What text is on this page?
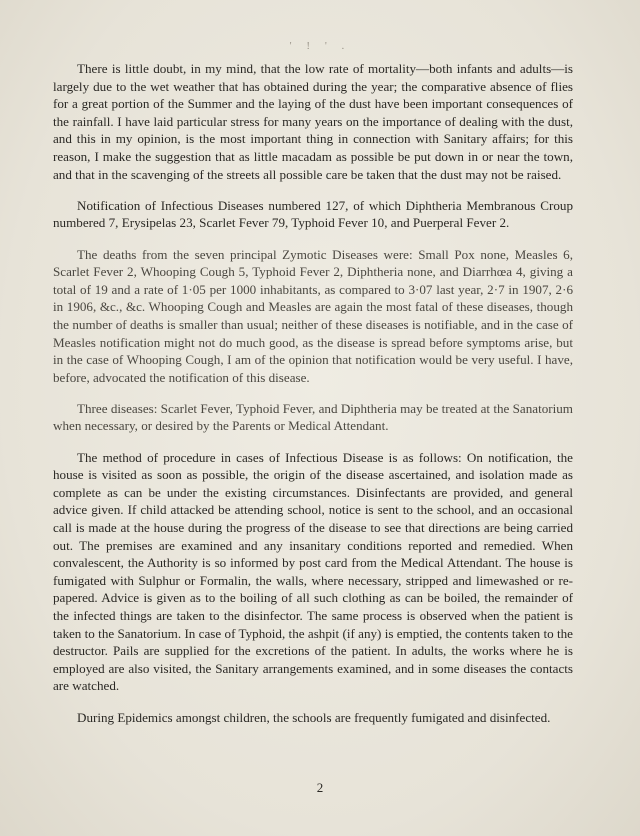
' ! ' .

There is little doubt, in my mind, that the low rate of mortality—both infants and adults—is largely due to the wet weather that has obtained during the year; the comparative absence of flies for a great portion of the Summer and the laying of the dust have been important consequences of the rainfall. I have laid particular stress for many years on the importance of dealing with the dust, and this in my opinion, is the most important thing in connection with Sanitary affairs; for this reason, I make the suggestion that as little macadam as possible be put down in or near the town, and that in the scavenging of the streets all possible care be taken that the dust may not be raised.

Notification of Infectious Diseases numbered 127, of which Diphtheria Membranous Croup numbered 7, Erysipelas 23, Scarlet Fever 79, Typhoid Fever 10, and Puerperal Fever 2.

The deaths from the seven principal Zymotic Diseases were: Small Pox none, Measles 6, Scarlet Fever 2, Whooping Cough 5, Typhoid Fever 2, Diphtheria none, and Diarrhœa 4, giving a total of 19 and a rate of 1·05 per 1000 inhabitants, as compared to 3·07 last year, 2·7 in 1907, 2·6 in 1906, &c., &c. Whooping Cough and Measles are again the most fatal of these diseases, though the number of deaths is smaller than usual; neither of these diseases is notifiable, and in the case of Measles notification might not do much good, as the disease is spread before symptoms arise, but in the case of Whooping Cough, I am of the opinion that notification would be very useful. I have, before, advocated the notification of this disease.

Three diseases: Scarlet Fever, Typhoid Fever, and Diphtheria may be treated at the Sanatorium when necessary, or desired by the Parents or Medical Attendant.

The method of procedure in cases of Infectious Disease is as follows: On notification, the house is visited as soon as possible, the origin of the disease ascertained, and isolation made as complete as can be under the existing circumstances. Disinfectants are provided, and general advice given. If child attacked be attending school, notice is sent to the school, and an occasional call is made at the house during the progress of the disease to see that directions are being carried out. The premises are examined and any insanitary conditions reported and remedied. When convalescent, the Authority is so informed by post card from the Medical Attendant. The house is fumigated with Sulphur or Formalin, the walls, where necessary, stripped and limewashed or re-papered. Advice is given as to the boiling of all such clothing as can be boiled, the remainder of the infected things are taken to the disinfector. The same process is observed when the patient is taken to the Sanatorium. In case of Typhoid, the ashpit (if any) is emptied, the contents taken to the destructor. Pails are supplied for the excretions of the patient. In adults, the works where he is employed are also visited, the Sanitary arrangements examined, and in some diseases the contacts are watched.

During Epidemics amongst children, the schools are frequently fumigated and disinfected.

2
